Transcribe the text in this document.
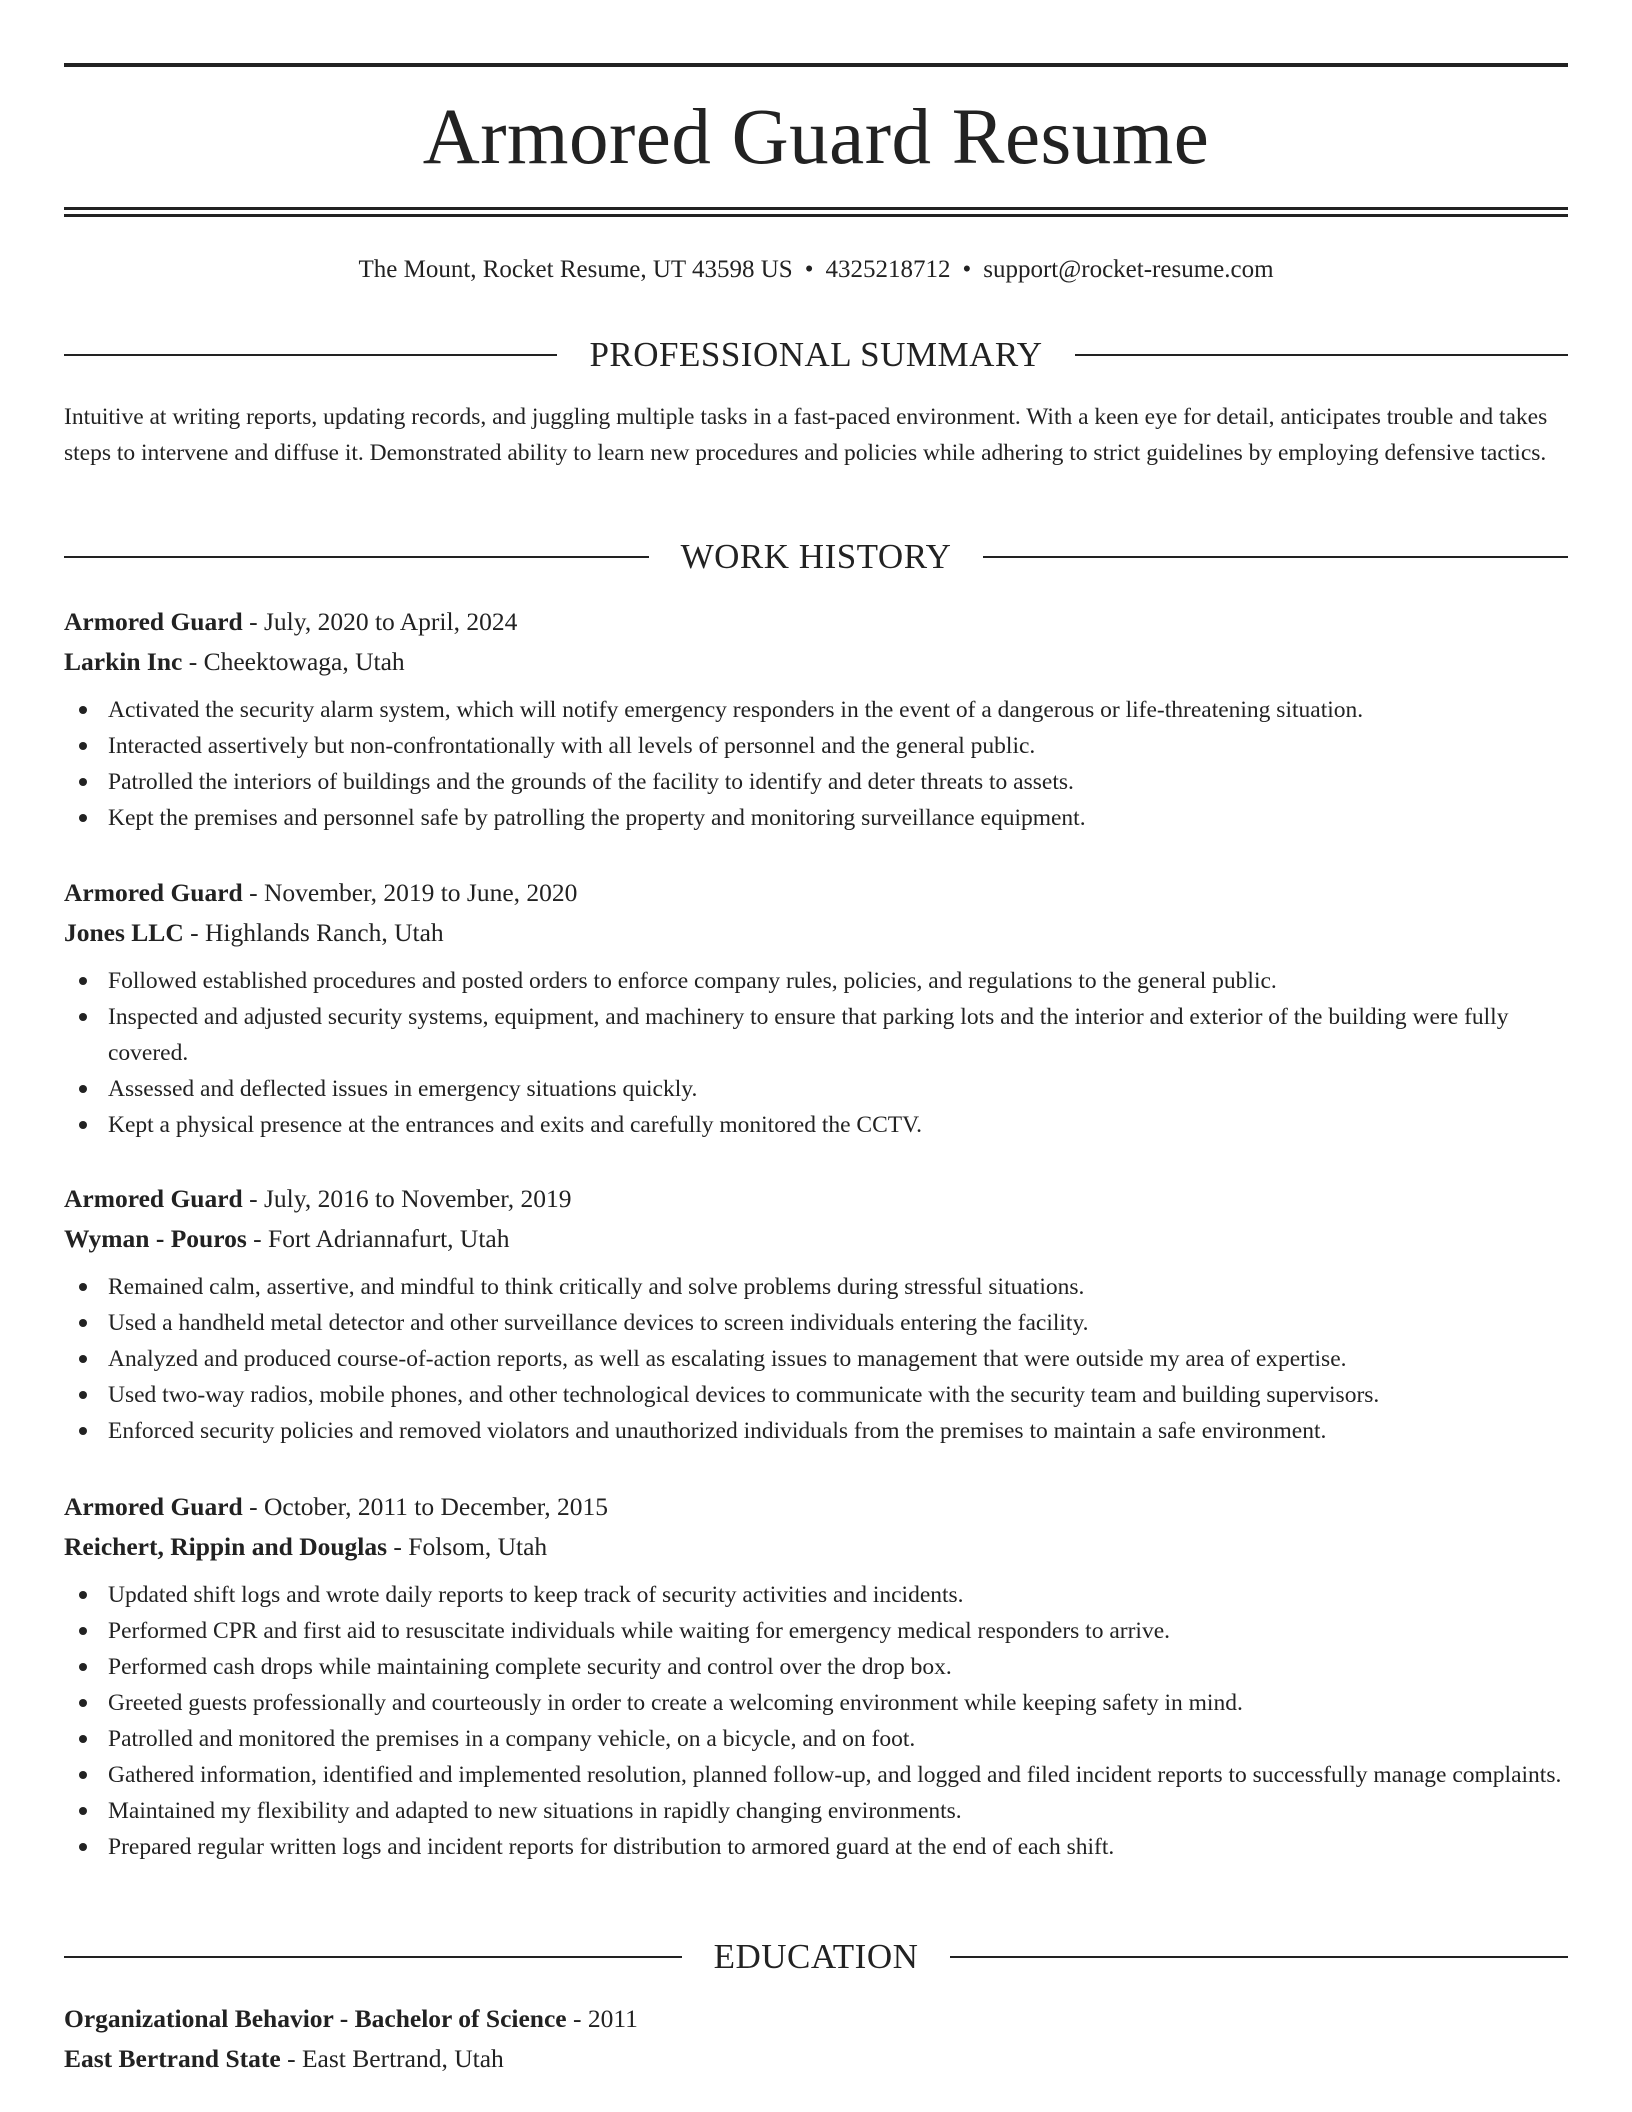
Armored Guard Resume
The Mount, Rocket Resume, UT 43598 US • 4325218712 • support@rocket-resume.com
PROFESSIONAL SUMMARY
Intuitive at writing reports, updating records, and juggling multiple tasks in a fast-paced environment. With a keen eye for detail, anticipates trouble and takes steps to intervene and diffuse it. Demonstrated ability to learn new procedures and policies while adhering to strict guidelines by employing defensive tactics.
WORK HISTORY
Armored Guard - July, 2020 to April, 2024
Larkin Inc - Cheektowaga, Utah
Activated the security alarm system, which will notify emergency responders in the event of a dangerous or life-threatening situation.
Interacted assertively but non-confrontationally with all levels of personnel and the general public.
Patrolled the interiors of buildings and the grounds of the facility to identify and deter threats to assets.
Kept the premises and personnel safe by patrolling the property and monitoring surveillance equipment.
Armored Guard - November, 2019 to June, 2020
Jones LLC - Highlands Ranch, Utah
Followed established procedures and posted orders to enforce company rules, policies, and regulations to the general public.
Inspected and adjusted security systems, equipment, and machinery to ensure that parking lots and the interior and exterior of the building were fully covered.
Assessed and deflected issues in emergency situations quickly.
Kept a physical presence at the entrances and exits and carefully monitored the CCTV.
Armored Guard - July, 2016 to November, 2019
Wyman - Pouros - Fort Adriannafurt, Utah
Remained calm, assertive, and mindful to think critically and solve problems during stressful situations.
Used a handheld metal detector and other surveillance devices to screen individuals entering the facility.
Analyzed and produced course-of-action reports, as well as escalating issues to management that were outside my area of expertise.
Used two-way radios, mobile phones, and other technological devices to communicate with the security team and building supervisors.
Enforced security policies and removed violators and unauthorized individuals from the premises to maintain a safe environment.
Armored Guard - October, 2011 to December, 2015
Reichert, Rippin and Douglas - Folsom, Utah
Updated shift logs and wrote daily reports to keep track of security activities and incidents.
Performed CPR and first aid to resuscitate individuals while waiting for emergency medical responders to arrive.
Performed cash drops while maintaining complete security and control over the drop box.
Greeted guests professionally and courteously in order to create a welcoming environment while keeping safety in mind.
Patrolled and monitored the premises in a company vehicle, on a bicycle, and on foot.
Gathered information, identified and implemented resolution, planned follow-up, and logged and filed incident reports to successfully manage complaints.
Maintained my flexibility and adapted to new situations in rapidly changing environments.
Prepared regular written logs and incident reports for distribution to armored guard at the end of each shift.
EDUCATION
Organizational Behavior - Bachelor of Science - 2011
East Bertrand State - East Bertrand, Utah
